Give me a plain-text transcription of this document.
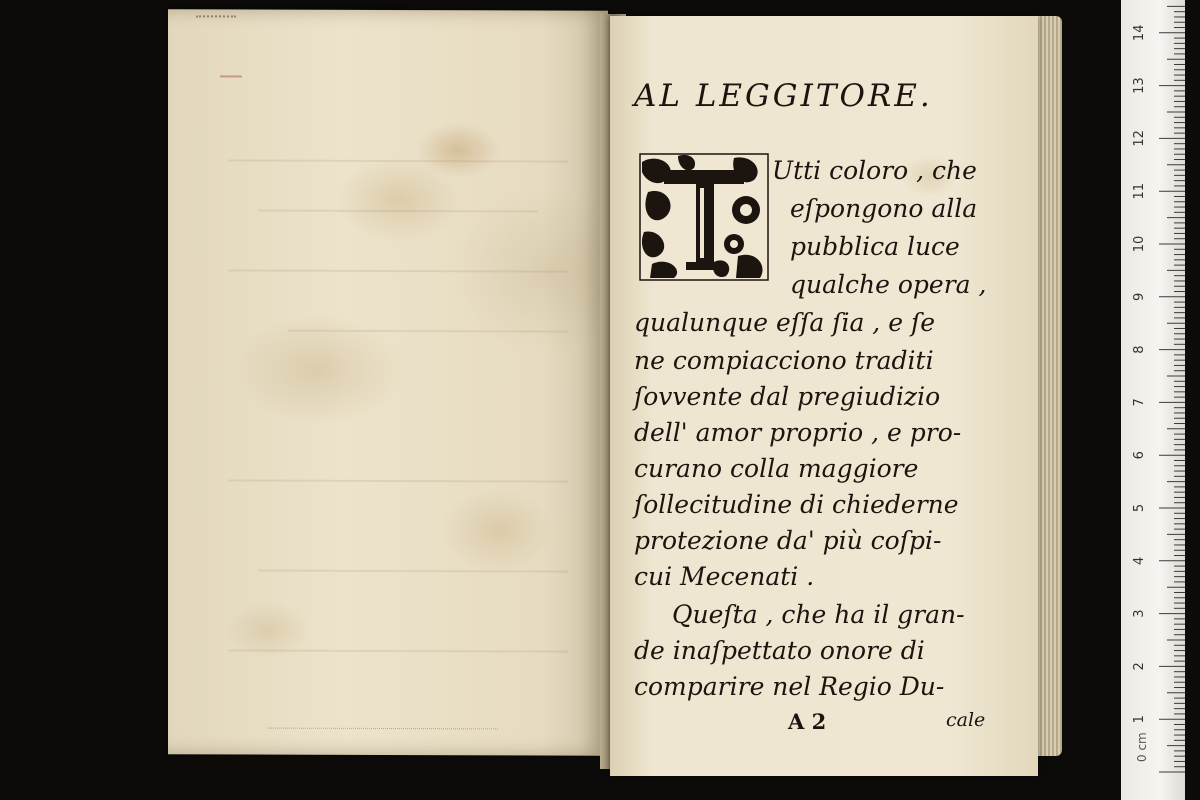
AL LEGGITORE.
Utti coloro , che
eſpongono alla
pubblica luce
qualche opera ,
qualunque eſſa ſia , e ſe
ne compiacciono traditi
ſovvente dal pregiudizio
dell' amor proprio , e pro-
curano colla maggiore
ſollecitudine di chiederne
protezione da' più coſpi-
cui Mecenati .
Queſta , che ha il gran-
de inaſpettato onore di
comparire nel Regio Du-
A 2	cale	1
2
3
4
5
6
7
8
9
10
11
12
13
14
0 cm
